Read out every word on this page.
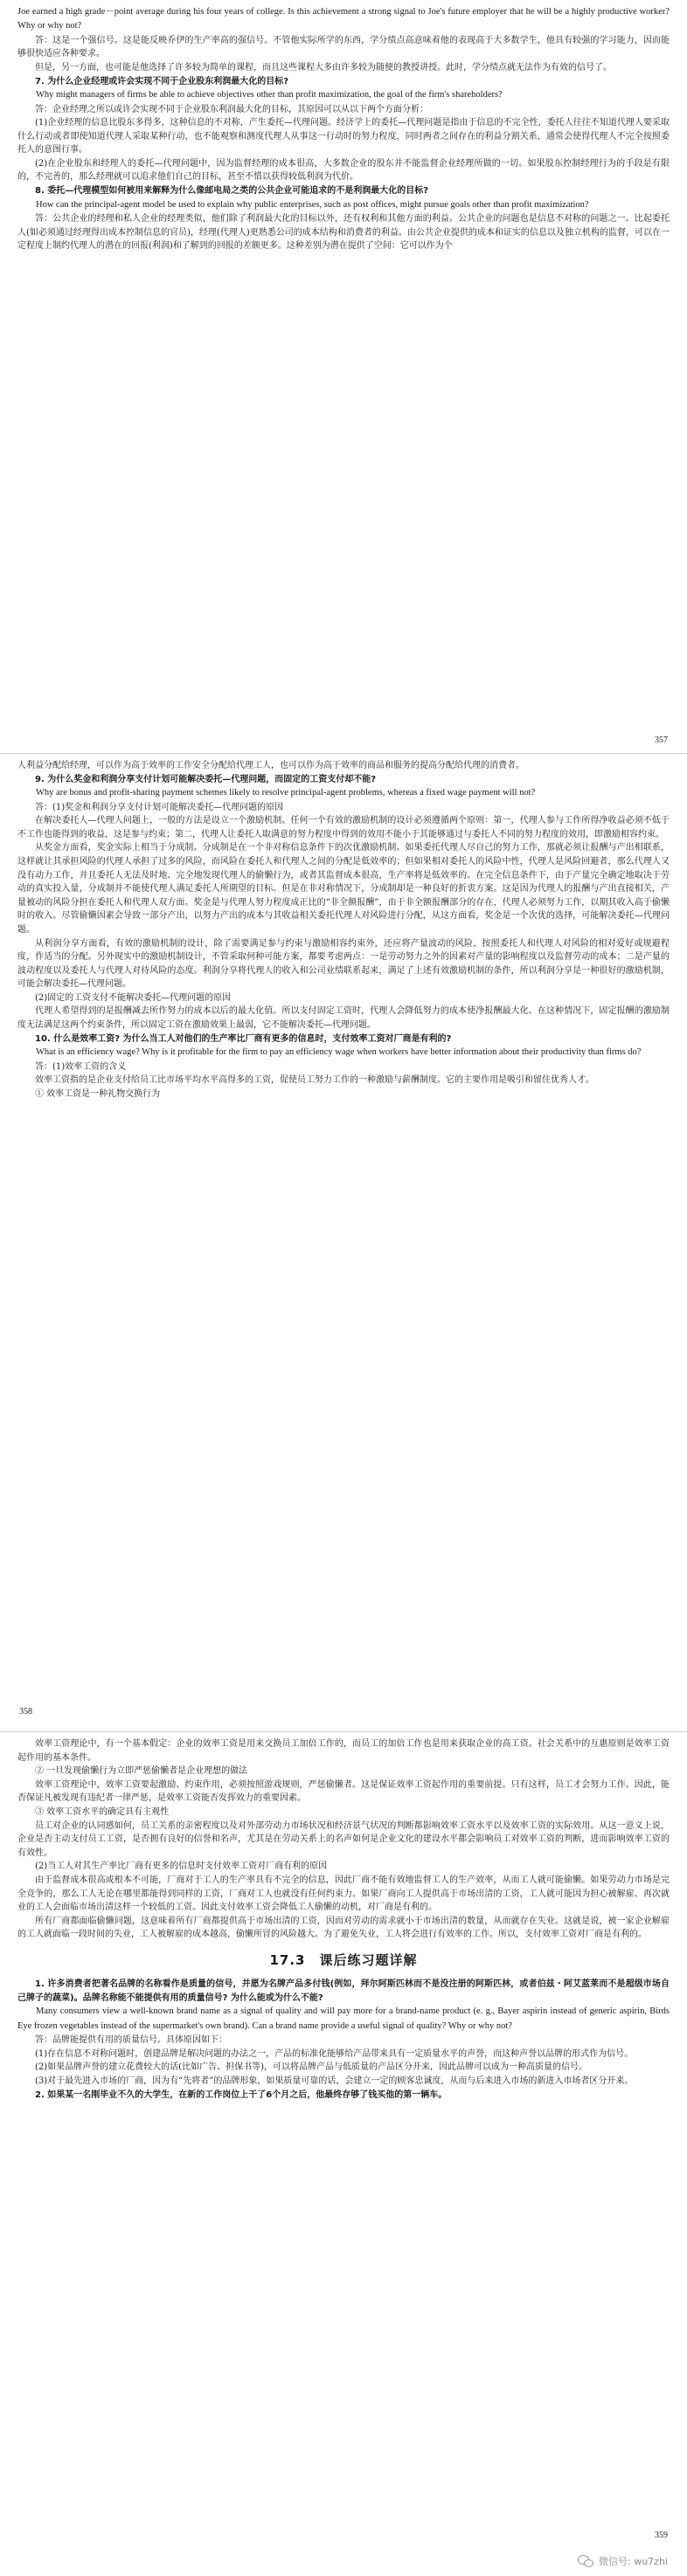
Joe earned a high grade－point average during his four years of college. Is this achievement a strong signal to Joe's future employer that he will be a highly productive worker? Why or why not?

答：这是一个强信号。这是能反映乔伊的生产率高的强信号。不管他实际所学的东西，学分绩点高意味着他的表现高于大多数学生，他具有较强的学习能力，因而能够很快适应各种要求。

但是，另一方面，也可能是他选择了许多较为简单的课程，而且这些课程大多由许多较为随便的教授讲授。此时，学分绩点就无法作为有效的信号了。

7. 为什么企业经理或许会实现不同于企业股东利润最大化的目标?

Why might managers of firms be able to achieve objectives other than profit maximization, the goal of the firm's shareholders?

答：企业经理之所以或许会实现不同于企业股东利润最大化的目标，其原因可以从以下两个方面分析：

(1)企业经理的信息比股东多得多，这种信息的不对称，产生委托—代理问题。经济学上的委托—代理问题是指由于信息的不完全性，委托人往往不知道代理人要采取什么行动或者即使知道代理人采取某种行动，也不能观察和测度代理人从事这一行动时的努力程度，同时两者之间存在的利益分割关系，通常会使得代理人不完全按照委托人的意图行事。

(2)在企业股东和经理人的委托—代理问题中，因为监督经理的成本很高，大多数企业的股东并不能监督企业经理所做的一切。如果股东控制经理行为的手段是有限的，不完善的，那么经理就可以追求他们自己的目标，甚至不惜以获得较低利润为代价。

8. 委托—代理模型如何被用来解释为什么像邮电局之类的公共企业可能追求的不是利润最大化的目标?

How can the principal-agent model be used to explain why public enterprises, such as post offices, might pursue goals other than profit maximization?

答：公共企业的经理和私人企业的经理类似，他们除了利润最大化的目标以外，还有权利和其他方面的利益。公共企业的问题也是信息不对称的问题之一。比起委托人(如必须通过经理得出成本控制信息的官员)，经理(代理人)更熟悉公司的成本结构和消费者的利益。由公共企业提供的成本和证实的信息以及独立机构的监督，可以在一定程度上制约代理人的潜在的回报(利润)和了解到的回报的差额更多。这种差别为潜在提供了空间：它可以作为个

357

人利益分配给经理，可以作为高于效率的工作安全分配给代理工人，也可以作为高于效率的商品和服务的提高分配给代理的消费者。

9. 为什么奖金和利润分享支付计划可能解决委托—代理问题，而固定的工资支付却不能?

Why are bonus and profit-sharing payment schemes likely to resolve principal-agent problems, whereas a fixed wage payment will not?

答：(1)奖金和利润分享支付计划可能解决委托—代理问题的原因

在解决委托人—代理人问题上，一般的方法是设立一个激励机制。任何一个有效的激励机制的设计必须遵循两个原则：第一，代理人参与工作所得净收益必须不低于不工作也能得到的收益，这是参与约束；第二，代理人让委托人取满意的努力程度中得到的效用不能小于其能够通过与委托人不同的努力程度的效用，即激励相容约束。

从奖金方面看，奖金实际上相当于分成制。分成制是在一个非对称信息条件下的次优激励机制。如果委托代理人尽自己的努力工作，那就必须让报酬与产出相联系，这样就让其承担风险的代理人承担了过多的风险，而风险在委托人和代理人之间的分配是低效率的；但如果相对委托人的风险中性，代理人是风险回避者，那么代理人又没有动力工作，并且委托人无法及时地、完全地发现代理人的偷懒行为，或者其监督成本很高，生产率将是低效率的。在完全信息条件下，由于产量完全确定地取决于劳动的真实投入量，分成制并不能使代理人满足委托人所期望的目标。但是在非对称情况下，分成制却是一种良好的折衷方案。这是因为代理人的报酬与产出直接相关，产量被动的风险分担在委托人和代理人双方面。奖金是与代理人努力程度成正比的“非全额报酬”，由于非全额报酬部分的存在，代理人必须努力工作，以期其收入高于偷懒时的收入。尽管偷懒因素会导致一部分产出，以努力产出的成本与其收益相关委托代理人对风险进行分配，从这方面看，奖金是一个次优的选择，可能解决委托—代理问题。

从利润分享方面看，有效的激励机制的设计，除了需要满足参与约束与激励相容约束外，还应将产量波动的风险，按照委托人和代理人对风险的相对爱好或规避程度，作适当的分配。另外现实中的激励机制设计，不管采取何种可能方案，都要考虑两点：一是劳动努力之外的因素对产量的影响程度以及监督劳动的成本；二是产量的波动程度以及委托人与代理人对待风险的态度。利润分享将代理人的收入和公司业绩联系起来，满足了上述有效激励机制的条件，所以利润分享是一种很好的激励机制，可能会解决委托—代理问题。

(2)固定的工资支付不能解决委托—代理问题的原因

代理人希望得到的是报酬减去所作努力的成本以后的最大化值。所以支付固定工资时，代理人会降低努力的成本使净报酬最大化。在这种情况下，固定报酬的激励制度无法满足这两个约束条件，所以固定工资在激励效果上最弱，它不能解决委托—代理问题。

10. 什么是效率工资? 为什么当工人对他们的生产率比厂商有更多的信息时，支付效率工资对厂商是有利的?

What is an efficiency wage? Why is it profitable for the firm to pay an efficiency wage when workers have better information about their productivity than firms do?

答：(1)效率工资的含义

效率工资指的是企业支付给员工比市场平均水平高得多的工资，促使员工努力工作的一种激励与薪酬制度。它的主要作用是吸引和留住优秀人才。

① 效率工资是一种礼物交换行为

358

效率工资理论中，有一个基本假定：企业的效率工资是用来交换员工加倍工作的，而员工的加倍工作也是用来获取企业的高工资。社会关系中的互惠原则是效率工资起作用的基本条件。

② 一旦发现偷懒行为立即严惩偷懒者是企业理想的做法

效率工资理论中，效率工资要起激励、约束作用，必须按照游戏规则，严惩偷懒者。这是保证效率工资起作用的重要前提。只有这样，员工才会努力工作。因此，能否保证凡被发现有违纪者一律严惩，是效率工资能否发挥效力的重要因素。

③ 效率工资水平的确定具有主观性

员工对企业的认同感如何，员工关系的亲密程度以及对外部劳动力市场状况和经济景气状况的判断都影响效率工资水平以及效率工资的实际效用。从这一意义上说，企业是否主动支付员工工资，是否拥有良好的信誉和名声，尤其是在劳动关系上的名声如何是企业文化的建设水平都会影响员工对效率工资的判断，进而影响效率工资的有效性。

(2)当工人对其生产率比厂商有更多的信息时支付效率工资对厂商有利的原因

由于监督成本很高或根本不可能，厂商对于工人的生产率具有不完全的信息，因此厂商不能有效地监督工人的生产效率，从而工人就可能偷懒。如果劳动力市场是完全竞争的，那么工人无论在哪里都能得到同样的工资，厂商对工人也就没有任何约束力。如果厂商向工人提供高于市场出清的工资，工人就可能因为担心被解雇、再次就业的工人会面临市场出清这样一个较低的工资。因此支付效率工资会降低工人偷懒的动机，对厂商是有利的。

所有厂商都面临偷懒问题，这意味着所有厂商都提供高于市场出清的工资，因而对劳动的需求就小于市场出清的数量，从而就存在失业。这就是说，被一家企业解雇的工人就面临一段时间的失业，工人被解雇的成本越高，偷懒所冒的风险越大。为了避免失业，工人将会进行有效率的工作。所以，支付效率工资对厂商是有利的。

17.3　课后练习题详解

1. 许多消费者把著名品牌的名称看作是质量的信号，并愿为名牌产品多付钱(例如，拜尔阿斯匹林而不是没注册的阿斯匹林，或者伯兹・阿艾蓝莱而不是超级市场自己牌子的蔬菜)。品牌名称能不能提供有用的质量信号? 为什么能或为什么不能?

Many consumers view a well-known brand name as a signal of quality and will pay more for a brand-name product (e. g., Bayer aspirin instead of generic aspirin, Birds Eye frozen vegetables instead of the supermarket's own brand). Can a brand name provide a useful signal of quality? Why or why not?

答：品牌能提供有用的质量信号。具体原因如下：

(1)存在信息不对称问题时，创建品牌是解决问题的办法之一，产品的标准化能够给产品带来具有一定质量水平的声誉，而这种声誉以品牌的形式作为信号。

(2)如果品牌声誉的建立花费较大的话(比如广告、担保书等)，可以将品牌产品与低质量的产品区分开来，因此品牌可以成为一种高质量的信号。

(3)对于最先进入市场的厂商，因为有“先将者”的品牌形象，如果质量可靠的话，会建立一定的顾客忠诚度，从而与后来进入市场的新进入市场者区分开来。

2. 如果某一名刚毕业不久的大学生，在新的工作岗位上干了6个月之后，他最终存够了钱买他的第一辆车。

359
微信号: wu7zhi
